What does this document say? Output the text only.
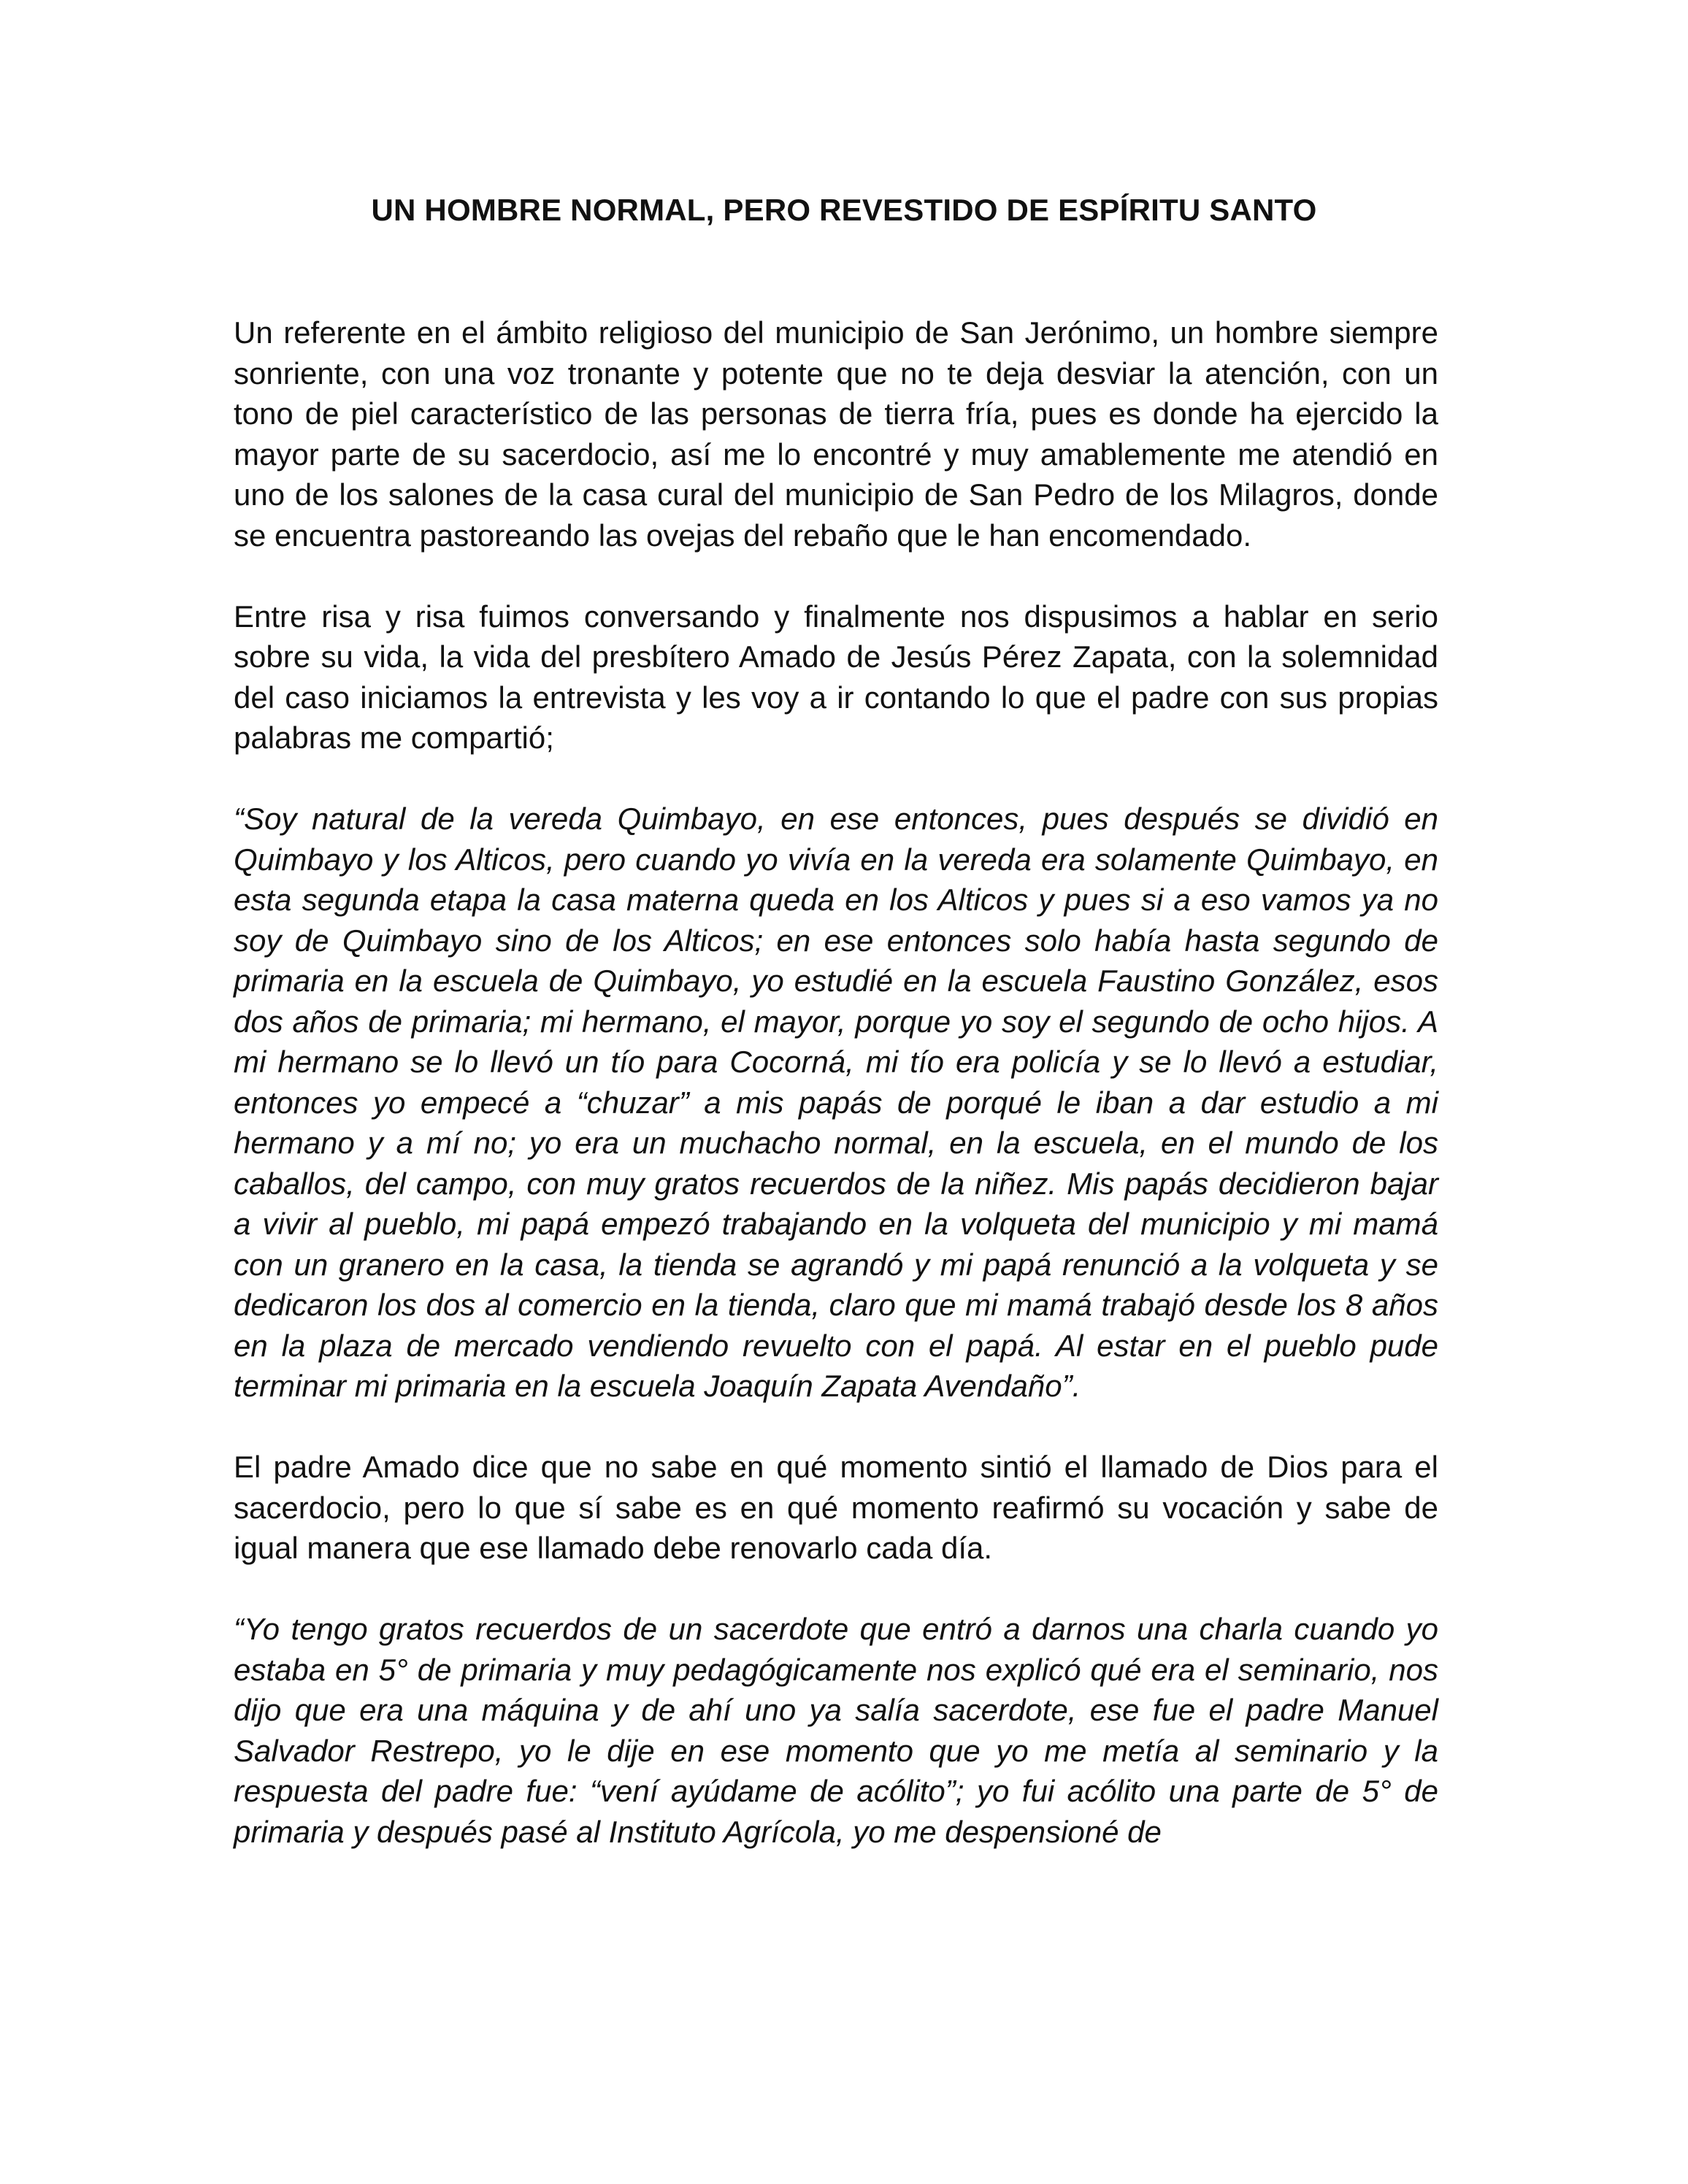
UN HOMBRE NORMAL, PERO REVESTIDO DE ESPÍRITU SANTO

Un referente en el ámbito religioso del municipio de San Jerónimo, un hombre siempre sonriente, con una voz tronante y potente que no te deja desviar la atención, con un tono de piel característico de las personas de tierra fría, pues es donde ha ejercido la mayor parte de su sacerdocio, así me lo encontré y muy amablemente me atendió en uno de los salones de la casa cural del municipio de San Pedro de los Milagros, donde se encuentra pastoreando las ovejas del rebaño que le han encomendado.

Entre risa y risa fuimos conversando y finalmente nos dispusimos a hablar en serio sobre su vida, la vida del presbítero Amado de Jesús Pérez Zapata, con la solemnidad del caso iniciamos la entrevista y les voy a ir contando lo que el padre con sus propias palabras me compartió;

“Soy natural de la vereda Quimbayo, en ese entonces, pues después se dividió en Quimbayo y los Alticos, pero cuando yo vivía en la vereda era solamente Quimbayo, en esta segunda etapa la casa materna queda en los Alticos y pues si a eso vamos ya no soy de Quimbayo sino de los Alticos; en ese entonces solo había hasta segundo de primaria en la escuela de Quimbayo, yo estudié en la escuela Faustino González, esos dos años de primaria; mi hermano, el mayor, porque yo soy el segundo de ocho hijos. A mi hermano se lo llevó un tío para Cocorná, mi tío era policía y se lo llevó a estudiar, entonces yo empecé a “chuzar” a mis papás de porqué le iban a dar estudio a mi hermano y a mí no; yo era un muchacho normal, en la escuela, en el mundo de los caballos, del campo, con muy gratos recuerdos de la niñez. Mis papás decidieron bajar a vivir al pueblo, mi papá empezó trabajando en la volqueta del municipio y mi mamá con un granero en la casa, la tienda se agrandó y mi papá renunció a la volqueta y se dedicaron los dos al comercio en la tienda, claro que mi mamá trabajó desde los 8 años en la plaza de mercado vendiendo revuelto con el papá. Al estar en el pueblo pude terminar mi primaria en la escuela Joaquín Zapata Avendaño”.

El padre Amado dice que no sabe en qué momento sintió el llamado de Dios para el sacerdocio, pero lo que sí sabe es en qué momento reafirmó su vocación y sabe de igual manera que ese llamado debe renovarlo cada día.

“Yo tengo gratos recuerdos de un sacerdote que entró a darnos una charla cuando yo estaba en 5° de primaria y muy pedagógicamente nos explicó qué era el seminario, nos dijo que era una máquina y de ahí uno ya salía sacerdote, ese fue el padre Manuel Salvador Restrepo, yo le dije en ese momento que yo me metía al seminario y la respuesta del padre fue: “vení ayúdame de acólito”; yo fui acólito una parte de 5° de primaria y después pasé al Instituto Agrícola, yo me despensioné de
